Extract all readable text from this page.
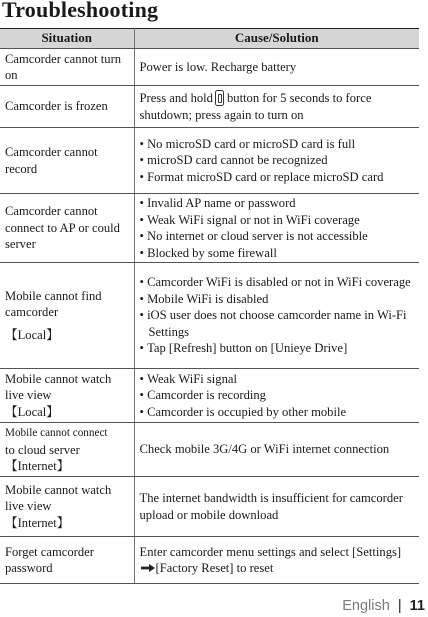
Troubleshooting
Situation	Cause/Solution
Camcorder cannot turn on	Power is low. Recharge battery
Camcorder is frozen	Press and hold button for 5 seconds to force shutdown; press again to turn on
Camcorder cannot record	• No microSD card or microSD card is full
• microSD card cannot be recognized
• Format microSD card or replace microSD card

Camcorder cannot connect to AP or could server	• Invalid AP name or password
• Weak WiFi signal or not in WiFi coverage
• No internet or cloud server is not accessible
• Blocked by some firewall

Mobile cannot find camcorder
【Local】	• Camcorder WiFi is disabled or not in WiFi coverage
• Mobile WiFi is disabled
• iOS user does not choose camcorder name in Wi-Fi Settings
• Tap [Refresh] button on [Unieye Drive]

Mobile cannot watch live view
【Local】	• Weak WiFi signal
• Camcorder is recording
• Camcorder is occupied by other mobile

Mobile cannot connect
to cloud server
【Internet】	Check mobile 3G/4G or WiFi internet connection
Mobile cannot watch live view
【Internet】	The internet bandwidth is insufficient for camcorder upload or mobile download
Forget camcorder password	Enter camcorder menu settings and select [Settings][Factory Reset] to reset
English | 11
